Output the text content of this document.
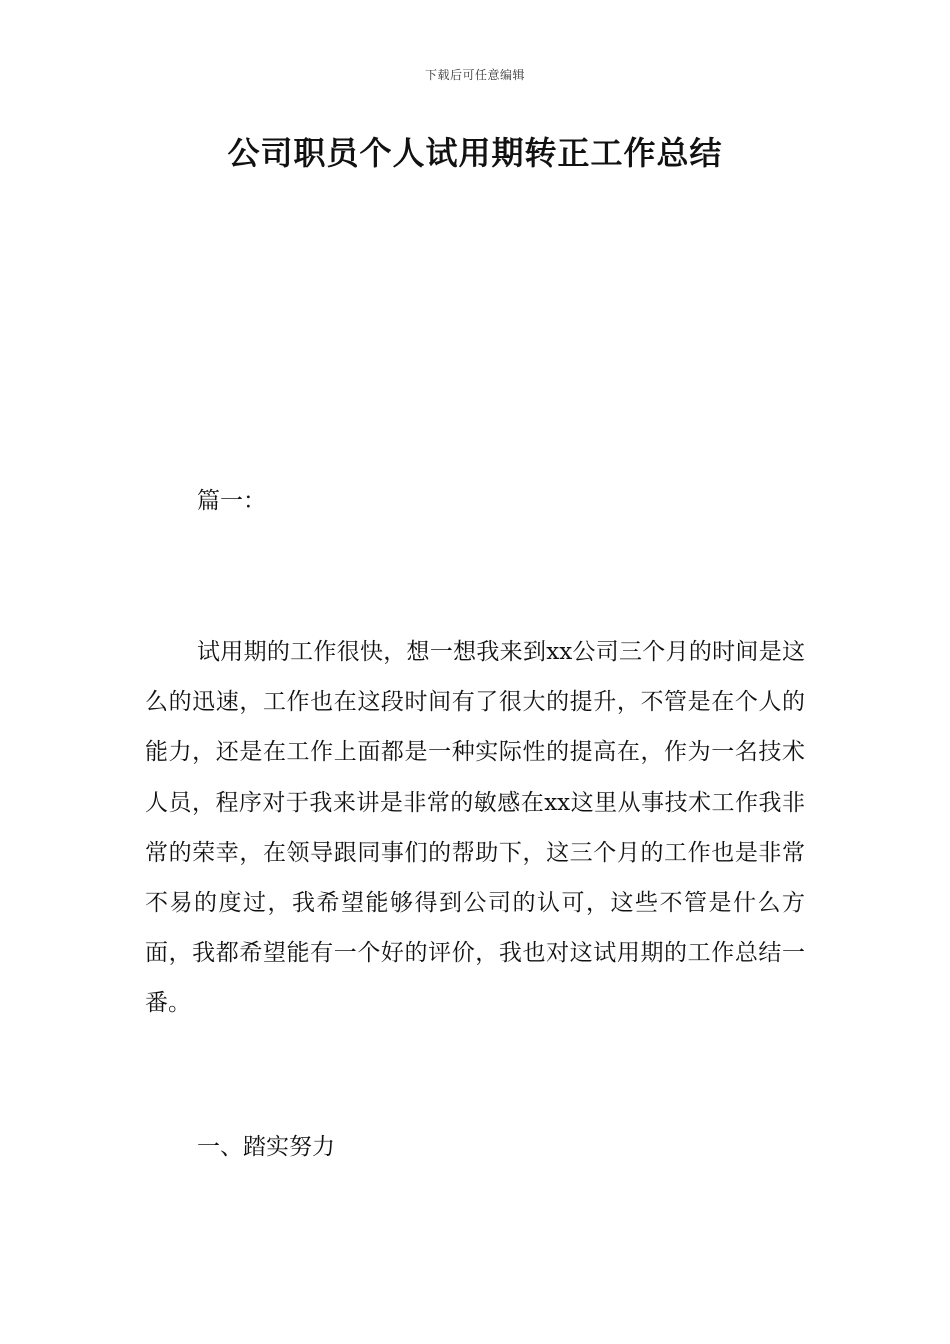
下载后可任意编辑
公司职员个人试用期转正工作总结

篇一：

试用期的工作很快，想一想我来到xx公司三个月的时间是这么的迅速，工作也在这段时间有了很大的提升，不管是在个人的能力，还是在工作上面都是一种实际性的提高在，作为一名技术人员，程序对于我来讲是非常的敏感在xx这里从事技术工作我非常的荣幸，在领导跟同事们的帮助下，这三个月的工作也是非常不易的度过，我希望能够得到公司的认可，这些不管是什么方面，我都希望能有一个好的评价，我也对这试用期的工作总结一番。

一、踏实努力
